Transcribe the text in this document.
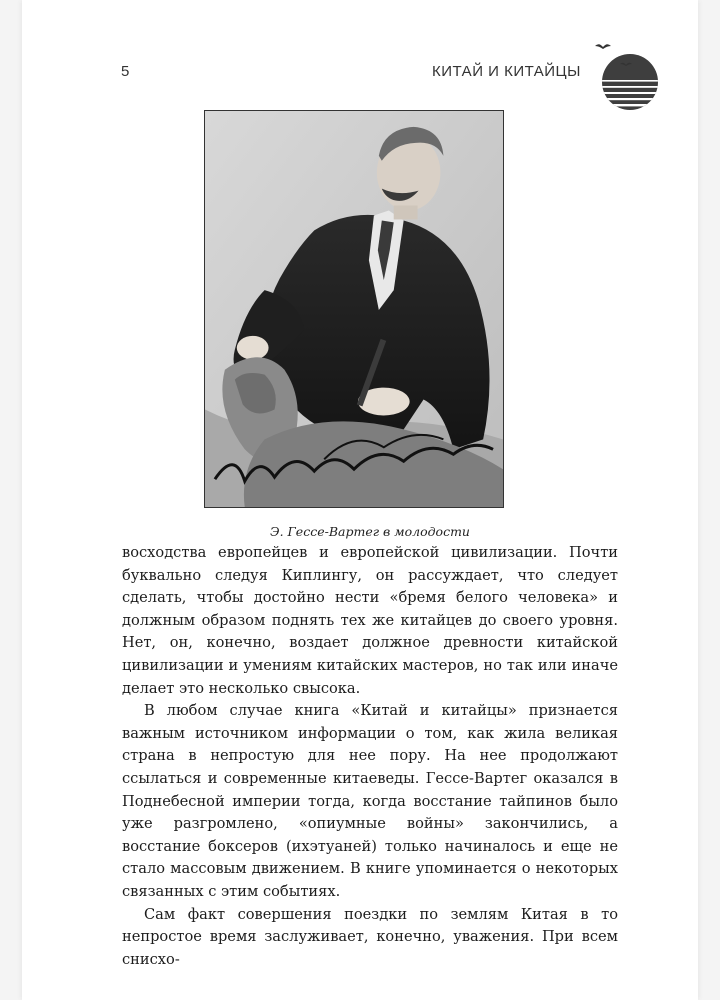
5	КИТАЙ И КИТАЙЦЫ
Э. Гессе-Вартег в молодости

восходства европейцев и европейской цивилизации. Почти буквально следуя Киплингу, он рассуждает, что следует сделать, чтобы достойно нести «бремя белого человека» и должным образом поднять тех же китайцев до своего уровня. Нет, он, конечно, воздает должное древности китайской цивилизации и умениям китайских мастеров, но так или иначе делает это несколько свысока.

В любом случае книга «Китай и китайцы» признается важным источником информации о том, как жила великая страна в непростую для нее пору. На нее продолжают ссылаться и современные китаеведы. Гессе-Вартег оказался в Поднебесной империи тогда, когда восстание тайпинов было уже разгромлено, «опиумные войны» закончились, а восстание боксеров (ихэтуаней) только начиналось и еще не стало массовым движением. В книге упоминается о некоторых связанных с этим событиях.

Сам факт совершения поездки по землям Китая в то непростое время заслуживает, конечно, уважения. При всем снисхо-
